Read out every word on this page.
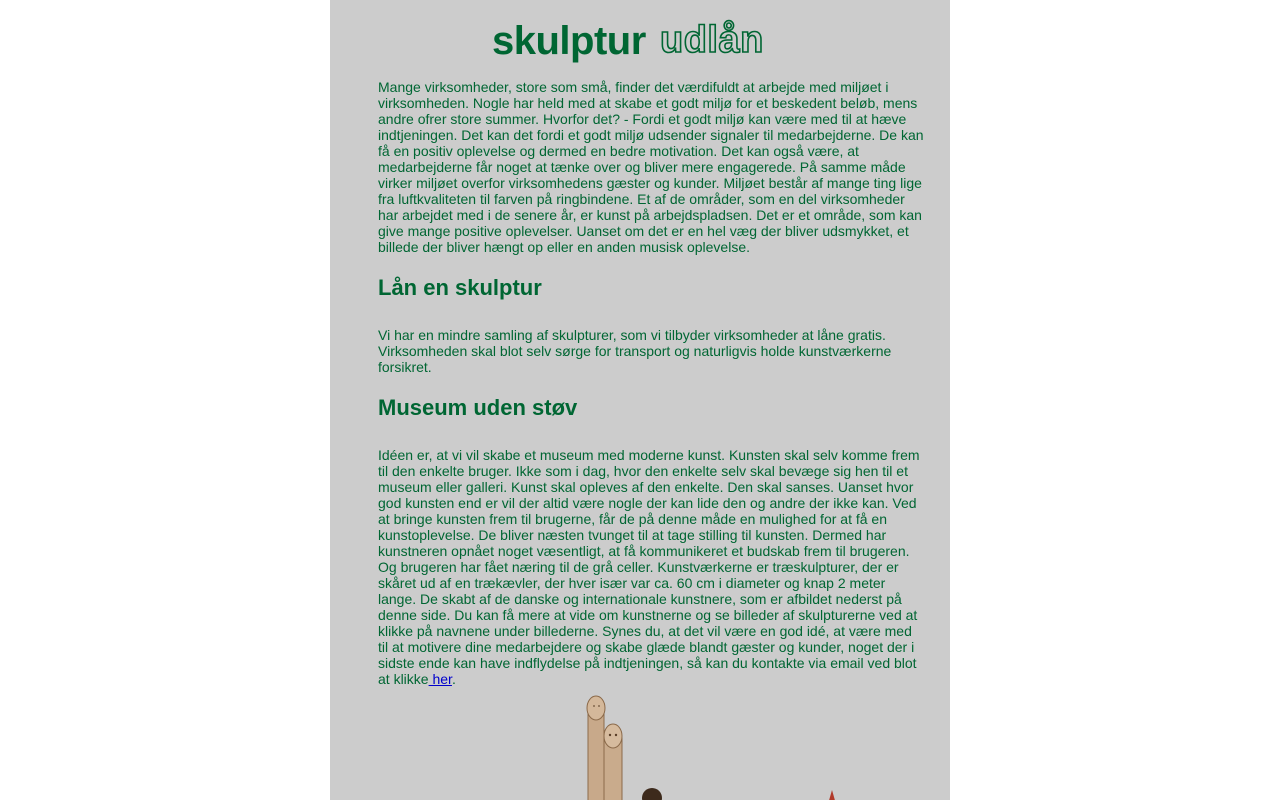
skulptur udlån

Mange virksomheder, store som små, finder det værdifuldt at arbejde med miljøet i virksomheden. Nogle har held med at skabe et godt miljø for et beskedent beløb, mens andre ofrer store summer. Hvorfor det? - Fordi et godt miljø kan være med til at hæve indtjeningen. Det kan det fordi et godt miljø udsender signaler til medarbejderne. De kan få en positiv oplevelse og dermed en bedre motivation. Det kan også være, at medarbejderne får noget at tænke over og bliver mere engagerede. På samme måde virker miljøet overfor virksomhedens gæster og kunder. Miljøet består af mange ting lige fra luftkvaliteten til farven på ringbindene. Et af de områder, som en del virksomheder har arbejdet med i de senere år, er kunst på arbejdspladsen. Det er et område, som kan give mange positive oplevelser. Uanset om det er en hel væg der bliver udsmykket, et billede der bliver hængt op eller en anden musisk oplevelse.

Lån en skulptur

Vi har en mindre samling af skulpturer, som vi tilbyder virksomheder at låne gratis. Virksomheden skal blot selv sørge for transport og naturligvis holde kunstværkerne forsikret.

Museum uden støv

Idéen er, at vi vil skabe et museum med moderne kunst. Kunsten skal selv komme frem til den enkelte bruger. Ikke som i dag, hvor den enkelte selv skal bevæge sig hen til et museum eller galleri. Kunst skal opleves af den enkelte. Den skal sanses. Uanset hvor god kunsten end er vil der altid være nogle der kan lide den og andre der ikke kan. Ved at bringe kunsten frem til brugerne, får de på denne måde en mulighed for at få en kunstoplevelse. De bliver næsten tvunget til at tage stilling til kunsten. Dermed har kunstneren opnået noget væsentligt, at få kommunikeret et budskab frem til brugeren. Og brugeren har fået næring til de grå celler. Kunstværkerne er træskulpturer, der er skåret ud af en trækævler, der hver især var ca. 60 cm i diameter og knap 2 meter lange. De skabt af de danske og internationale kunstnere, som er afbildet nederst på denne side. Du kan få mere at vide om kunstnerne og se billeder af skulpturerne ved at klikke på navnene under billederne. Synes du, at det vil være en god idé, at være med til at motivere dine medarbejdere og skabe glæde blandt gæster og kunder, noget der i sidste ende kan have indflydelse på indtjeningen, så kan du kontakte via email ved blot at klikke her.
